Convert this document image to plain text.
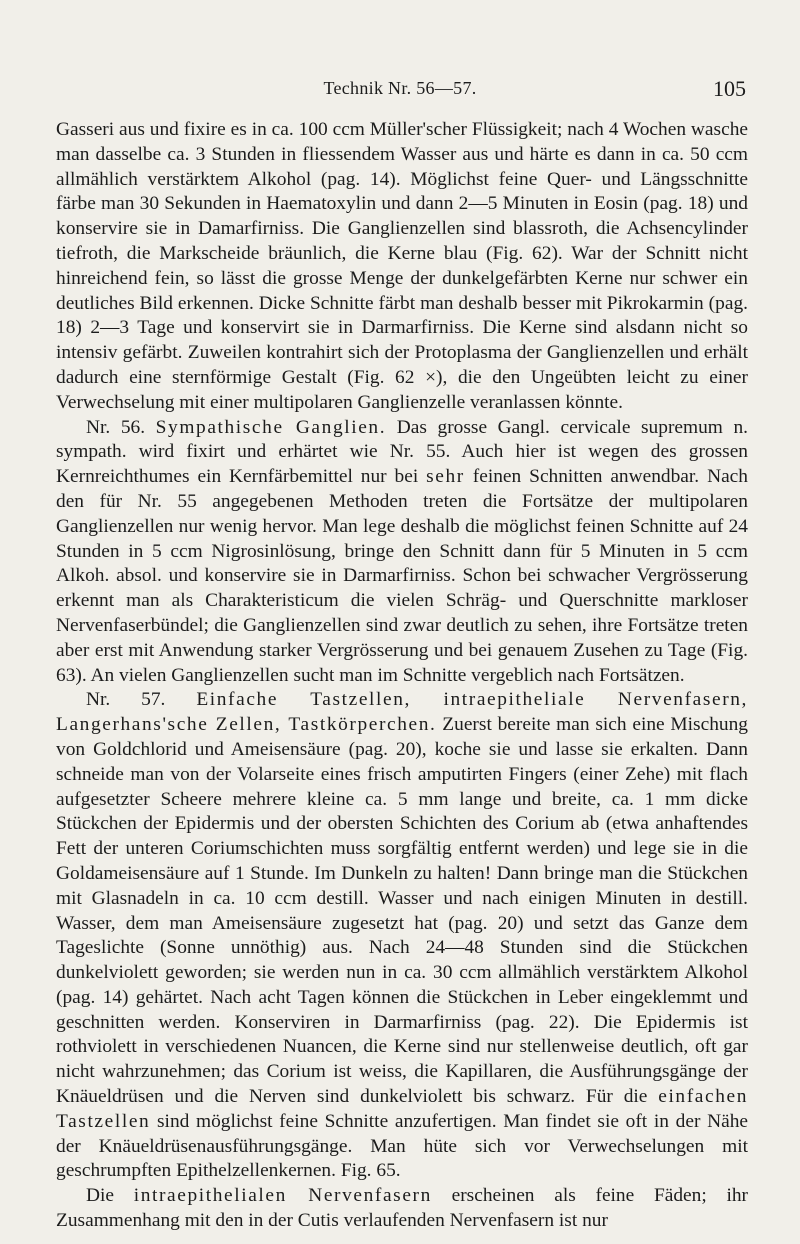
Technik Nr. 56—57.	105

Gasseri aus und fixire es in ca. 100 ccm Müller'scher Flüssigkeit; nach 4 Wochen wasche man dasselbe ca. 3 Stunden in fliessendem Wasser aus und härte es dann in ca. 50 ccm allmählich verstärktem Alkohol (pag. 14). Möglichst feine Quer- und Längsschnitte färbe man 30 Sekunden in Haematoxylin und dann 2—5 Minuten in Eosin (pag. 18) und konservire sie in Damarfirniss. Die Ganglienzellen sind blassroth, die Achsencylinder tiefroth, die Markscheide bräunlich, die Kerne blau (Fig. 62). War der Schnitt nicht hinreichend fein, so lässt die grosse Menge der dunkelgefärbten Kerne nur schwer ein deutliches Bild erkennen. Dicke Schnitte färbt man deshalb besser mit Pikrokarmin (pag. 18) 2—3 Tage und konservirt sie in Darmarfirniss. Die Kerne sind alsdann nicht so intensiv gefärbt. Zuweilen kontrahirt sich der Protoplasma der Ganglienzellen und erhält dadurch eine sternförmige Gestalt (Fig. 62 ×), die den Ungeübten leicht zu einer Verwechselung mit einer multipolaren Ganglienzelle veranlassen könnte.

Nr. 56. Sympathische Ganglien. Das grosse Gangl. cervicale supremum n. sympath. wird fixirt und erhärtet wie Nr. 55. Auch hier ist wegen des grossen Kernreichthumes ein Kernfärbemittel nur bei sehr feinen Schnitten anwendbar. Nach den für Nr. 55 angegebenen Methoden treten die Fortsätze der multipolaren Ganglienzellen nur wenig hervor. Man lege deshalb die möglichst feinen Schnitte auf 24 Stunden in 5 ccm Nigrosinlösung, bringe den Schnitt dann für 5 Minuten in 5 ccm Alkoh. absol. und konservire sie in Darmarfirniss. Schon bei schwacher Vergrösserung erkennt man als Charakteristicum die vielen Schräg- und Querschnitte markloser Nervenfaserbündel; die Ganglienzellen sind zwar deutlich zu sehen, ihre Fortsätze treten aber erst mit Anwendung starker Vergrösserung und bei genauem Zusehen zu Tage (Fig. 63). An vielen Ganglienzellen sucht man im Schnitte vergeblich nach Fortsätzen.

Nr. 57. Einfache Tastzellen, intraepitheliale Nervenfasern, Langerhans'sche Zellen, Tastkörperchen. Zuerst bereite man sich eine Mischung von Goldchlorid und Ameisensäure (pag. 20), koche sie und lasse sie erkalten. Dann schneide man von der Volarseite eines frisch amputirten Fingers (einer Zehe) mit flach aufgesetzter Scheere mehrere kleine ca. 5 mm lange und breite, ca. 1 mm dicke Stückchen der Epidermis und der obersten Schichten des Corium ab (etwa anhaftendes Fett der unteren Coriumschichten muss sorgfältig entfernt werden) und lege sie in die Goldameisensäure auf 1 Stunde. Im Dunkeln zu halten! Dann bringe man die Stückchen mit Glasnadeln in ca. 10 ccm destill. Wasser und nach einigen Minuten in destill. Wasser, dem man Ameisensäure zugesetzt hat (pag. 20) und setzt das Ganze dem Tageslichte (Sonne unnöthig) aus. Nach 24—48 Stunden sind die Stückchen dunkelviolett geworden; sie werden nun in ca. 30 ccm allmählich verstärktem Alkohol (pag. 14) gehärtet. Nach acht Tagen können die Stückchen in Leber eingeklemmt und geschnitten werden. Konserviren in Darmarfirniss (pag. 22). Die Epidermis ist rothviolett in verschiedenen Nuancen, die Kerne sind nur stellenweise deutlich, oft gar nicht wahrzunehmen; das Corium ist weiss, die Kapillaren, die Ausführungsgänge der Knäueldrüsen und die Nerven sind dunkelviolett bis schwarz. Für die einfachen Tastzellen sind möglichst feine Schnitte anzufertigen. Man findet sie oft in der Nähe der Knäueldrüsenausführungsgänge. Man hüte sich vor Verwechselungen mit geschrumpften Epithelzellenkernen. Fig. 65.

Die intraepithelialen Nervenfasern erscheinen als feine Fäden; ihr Zusammenhang mit den in der Cutis verlaufenden Nervenfasern ist nur
